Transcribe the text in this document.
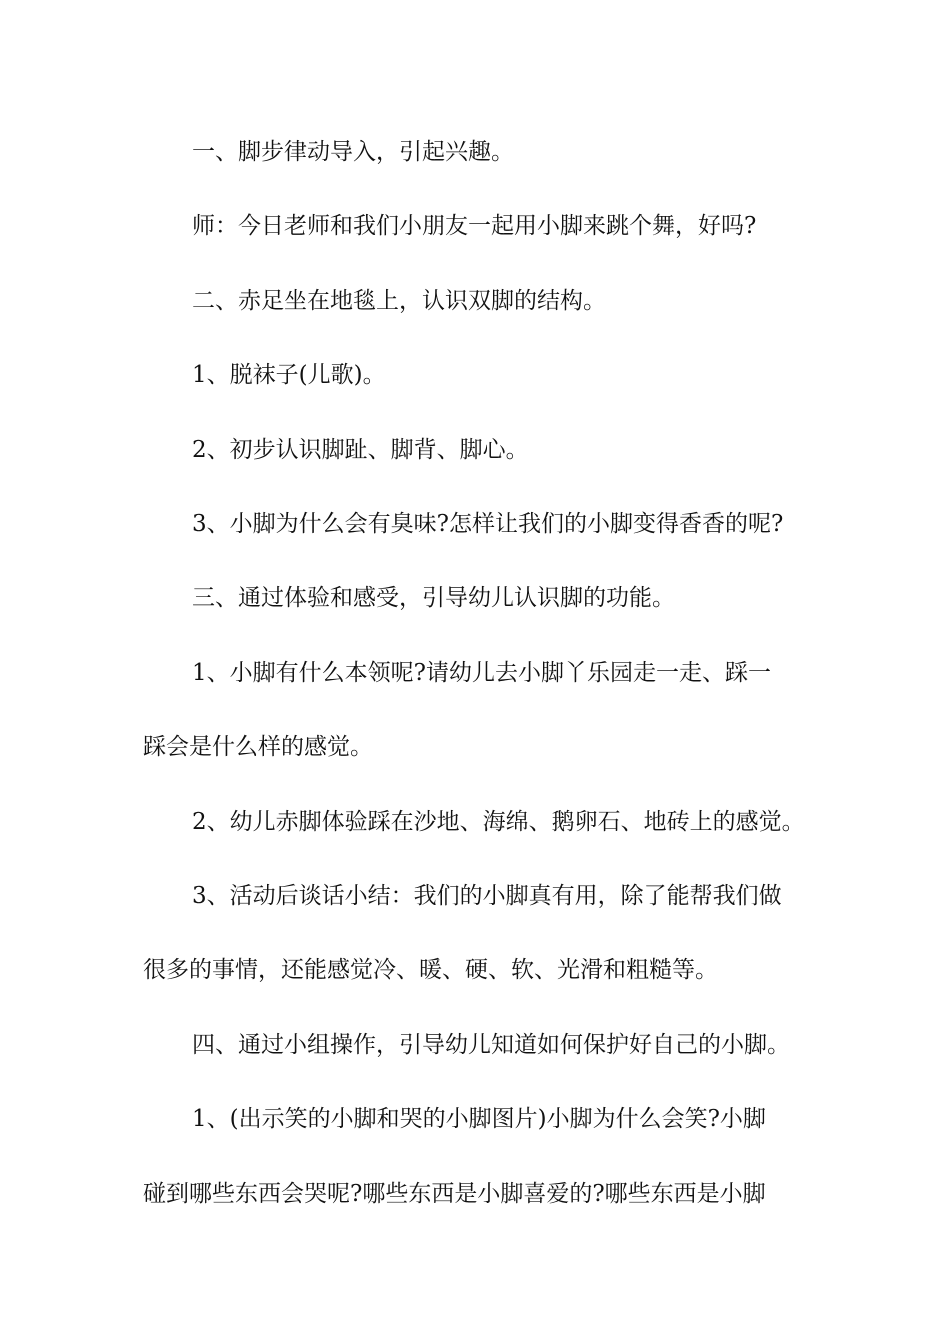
一、脚步律动导入，引起兴趣。
师：今日老师和我们小朋友一起用小脚来跳个舞，好吗?
二、赤足坐在地毯上，认识双脚的结构。
1、脱袜子(儿歌)。
2、初步认识脚趾、脚背、脚心。
3、小脚为什么会有臭味?怎样让我们的小脚变得香香的呢?
三、通过体验和感受，引导幼儿认识脚的功能。
1、小脚有什么本领呢?请幼儿去小脚丫乐园走一走、踩一
踩会是什么样的感觉。
2、幼儿赤脚体验踩在沙地、海绵、鹅卵石、地砖上的感觉。
3、活动后谈话小结：我们的小脚真有用，除了能帮我们做
很多的事情，还能感觉冷、暖、硬、软、光滑和粗糙等。
四、通过小组操作，引导幼儿知道如何保护好自己的小脚。
1、(出示笑的小脚和哭的小脚图片)小脚为什么会笑?小脚
碰到哪些东西会哭呢?哪些东西是小脚喜爱的?哪些东西是小脚
